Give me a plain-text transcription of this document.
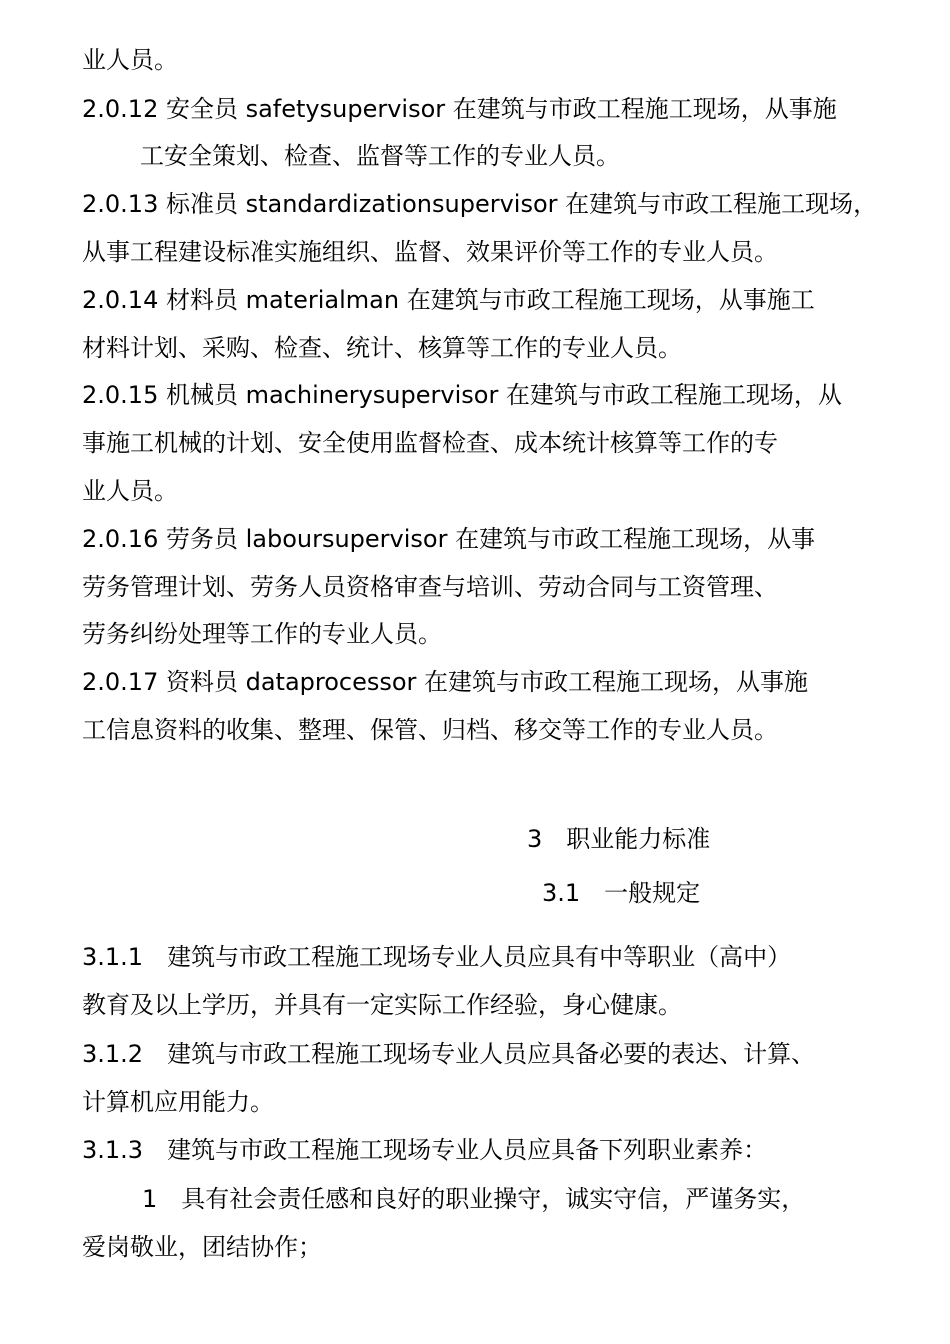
业人员。
2.0.12 安全员 safetysupervisor 在建筑与市政工程施工现场，从事施
工安全策划、检查、监督等工作的专业人员。
2.0.13 标准员 standardizationsupervisor 在建筑与市政工程施工现场，
从事工程建设标准实施组织、监督、效果评价等工作的专业人员。
2.0.14 材料员 materialman 在建筑与市政工程施工现场，从事施工
材料计划、采购、检查、统计、核算等工作的专业人员。
2.0.15 机械员 machinerysupervisor 在建筑与市政工程施工现场，从
事施工机械的计划、安全使用监督检查、成本统计核算等工作的专
业人员。
2.0.16 劳务员 laboursupervisor 在建筑与市政工程施工现场，从事
劳务管理计划、劳务人员资格审查与培训、劳动合同与工资管理、
劳务纠纷处理等工作的专业人员。
2.0.17 资料员 dataprocessor 在建筑与市政工程施工现场，从事施
工信息资料的收集、整理、保管、归档、移交等工作的专业人员。
3　职业能力标准
3.1　一般规定
3.1.1　建筑与市政工程施工现场专业人员应具有中等职业（高中）
教育及以上学历，并具有一定实际工作经验，身心健康。
3.1.2　建筑与市政工程施工现场专业人员应具备必要的表达、计算、
计算机应用能力。
3.1.3　建筑与市政工程施工现场专业人员应具备下列职业素养：
1　具有社会责任感和良好的职业操守，诚实守信，严谨务实，
爱岗敬业，团结协作；
